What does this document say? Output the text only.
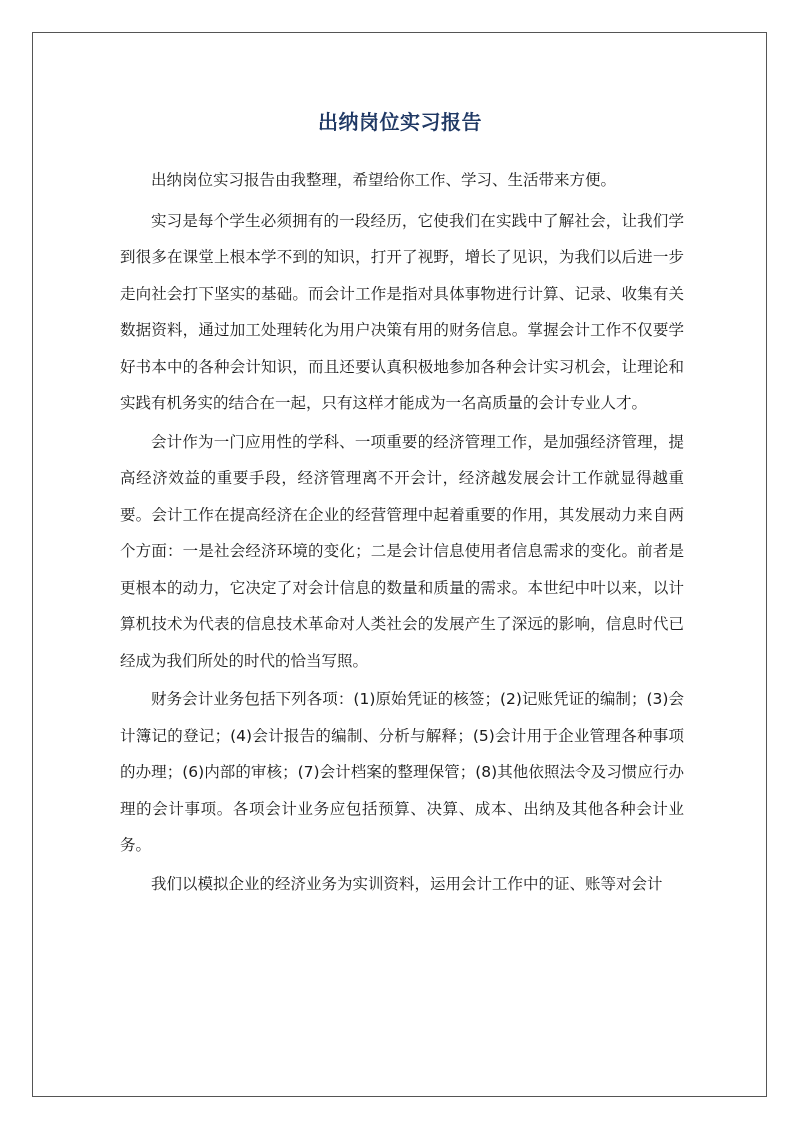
出纳岗位实习报告

出纳岗位实习报告由我整理，希望给你工作、学习、生活带来方便。

实习是每个学生必须拥有的一段经历，它使我们在实践中了解社会，让我们学到很多在课堂上根本学不到的知识，打开了视野，增长了见识，为我们以后进一步走向社会打下坚实的基础。而会计工作是指对具体事物进行计算、记录、收集有关数据资料，通过加工处理转化为用户决策有用的财务信息。掌握会计工作不仅要学好书本中的各种会计知识，而且还要认真积极地参加各种会计实习机会，让理论和实践有机务实的结合在一起，只有这样才能成为一名高质量的会计专业人才。

会计作为一门应用性的学科、一项重要的经济管理工作，是加强经济管理，提高经济效益的重要手段，经济管理离不开会计，经济越发展会计工作就显得越重要。会计工作在提高经济在企业的经营管理中起着重要的作用，其发展动力来自两个方面：一是社会经济环境的变化；二是会计信息使用者信息需求的变化。前者是更根本的动力，它决定了对会计信息的数量和质量的需求。本世纪中叶以来，以计算机技术为代表的信息技术革命对人类社会的发展产生了深远的影响，信息时代已经成为我们所处的时代的恰当写照。

财务会计业务包括下列各项：(1)原始凭证的核签；(2)记账凭证的编制；(3)会计簿记的登记；(4)会计报告的编制、分析与解释；(5)会计用于企业管理各种事项的办理；(6)内部的审核；(7)会计档案的整理保管；(8)其他依照法令及习惯应行办理的会计事项。各项会计业务应包括预算、决算、成本、出纳及其他各种会计业务。

我们以模拟企业的经济业务为实训资料，运用会计工作中的证、账等对会计
